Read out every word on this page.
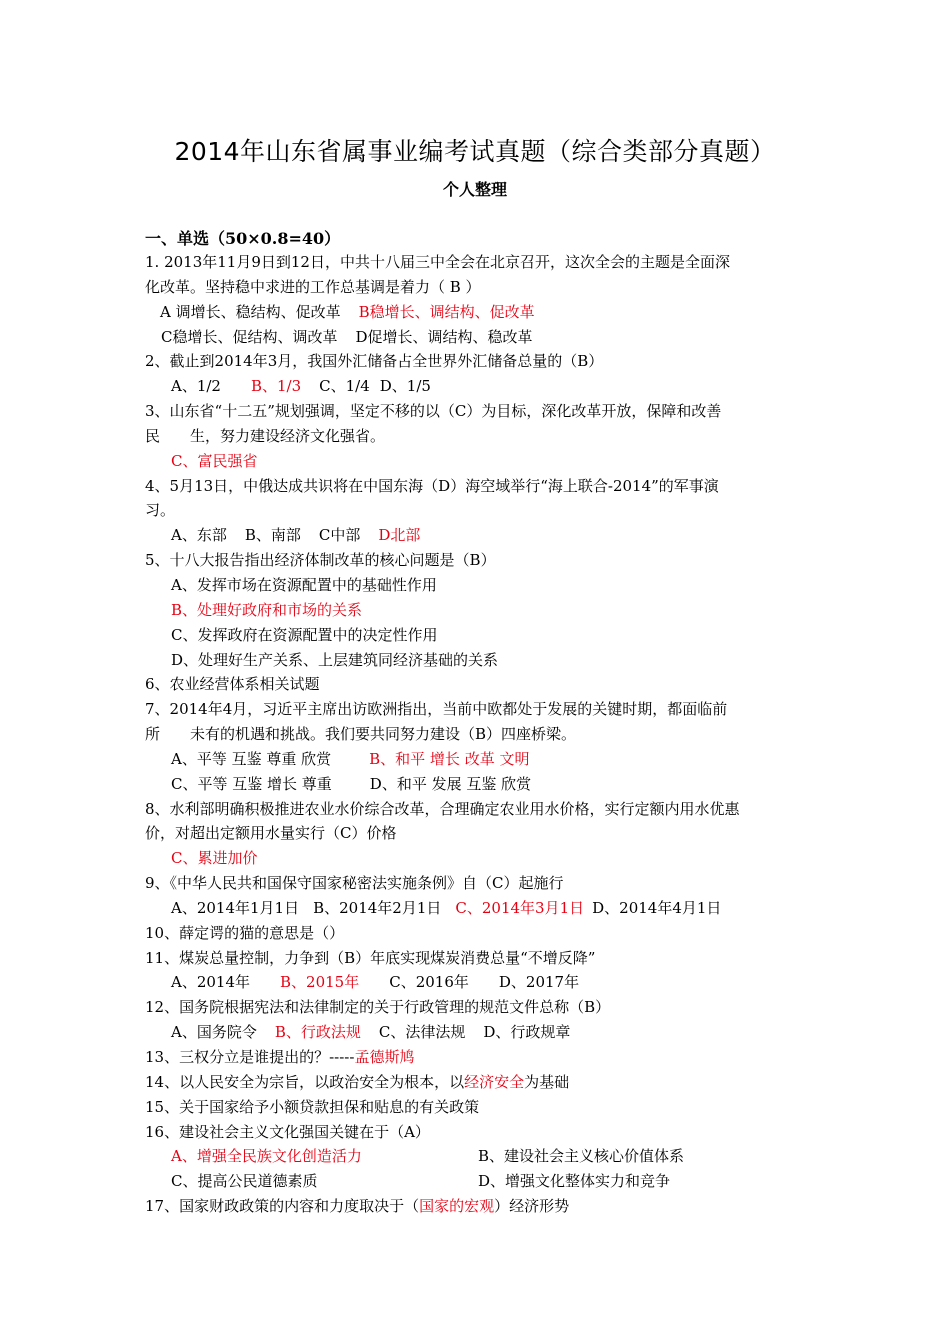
2014年山东省属事业编考试真题（综合类部分真题）
个人整理
一、单选（50×0.8=40）
1. 2013年11月9日到12日，中共十八届三中全会在北京召开，这次全会的主题是全面深
化改革。坚持稳中求进的工作总基调是着力（ B ）
A 调增长、稳结构、促改革 B稳增长、调结构、促改革
C稳增长、促结构、调改革 D促增长、调结构、稳改革
2、截止到2014年3月，我国外汇储备占全世界外汇储备总量的（B）
A、1/2 B、1/3 C、1/4 D、1/5
3、山东省“十二五”规划强调，坚定不移的以（C）为目标，深化改革开放，保障和改善
民 生，努力建设经济文化强省。
C、富民强省
4、5月13日，中俄达成共识将在中国东海（D）海空域举行“海上联合-2014”的军事演
习。
A、东部 B、南部 C中部 D北部
5、十八大报告指出经济体制改革的核心问题是（B）
A、发挥市场在资源配置中的基础性作用
B、处理好政府和市场的关系
C、发挥政府在资源配置中的决定性作用
D、处理好生产关系、上层建筑同经济基础的关系
6、农业经营体系相关试题
7、2014年4月，习近平主席出访欧洲指出，当前中欧都处于发展的关键时期，都面临前
所 未有的机遇和挑战。我们要共同努力建设（B）四座桥梁。
A、平等 互鉴 尊重 欣赏	B、和平 增长 改革 文明
C、平等 互鉴 增长 尊重	D、和平 发展 互鉴 欣赏
8、水利部明确积极推进农业水价综合改革，合理确定农业用水价格，实行定额内用水优惠
价，对超出定额用水量实行（C）价格
C、累进加价
9、《中华人民共和国保守国家秘密法实施条例》自（C）起施行
A、2014年1月1日 B、2014年2月1日 C、2014年3月1日 D、2014年4月1日
10、薛定谔的猫的意思是（）
11、煤炭总量控制，力争到（B）年底实现煤炭消费总量“不增反降”
A、2014年 B、2015年 C、2016年 D、2017年
12、国务院根据宪法和法律制定的关于行政管理的规范文件总称（B）
A、国务院令 B、行政法规 C、法律法规 D、行政规章
13、三权分立是谁提出的？-----孟德斯鸠
14、以人民安全为宗旨，以政治安全为根本，以经济安全为基础
15、关于国家给予小额贷款担保和贴息的有关政策
16、建设社会主义文化强国关键在于（A）
A、增强全民族文化创造活力	B、建设社会主义核心价值体系
C、提高公民道德素质	D、增强文化整体实力和竞争
17、国家财政政策的内容和力度取决于（国家的宏观）经济形势
